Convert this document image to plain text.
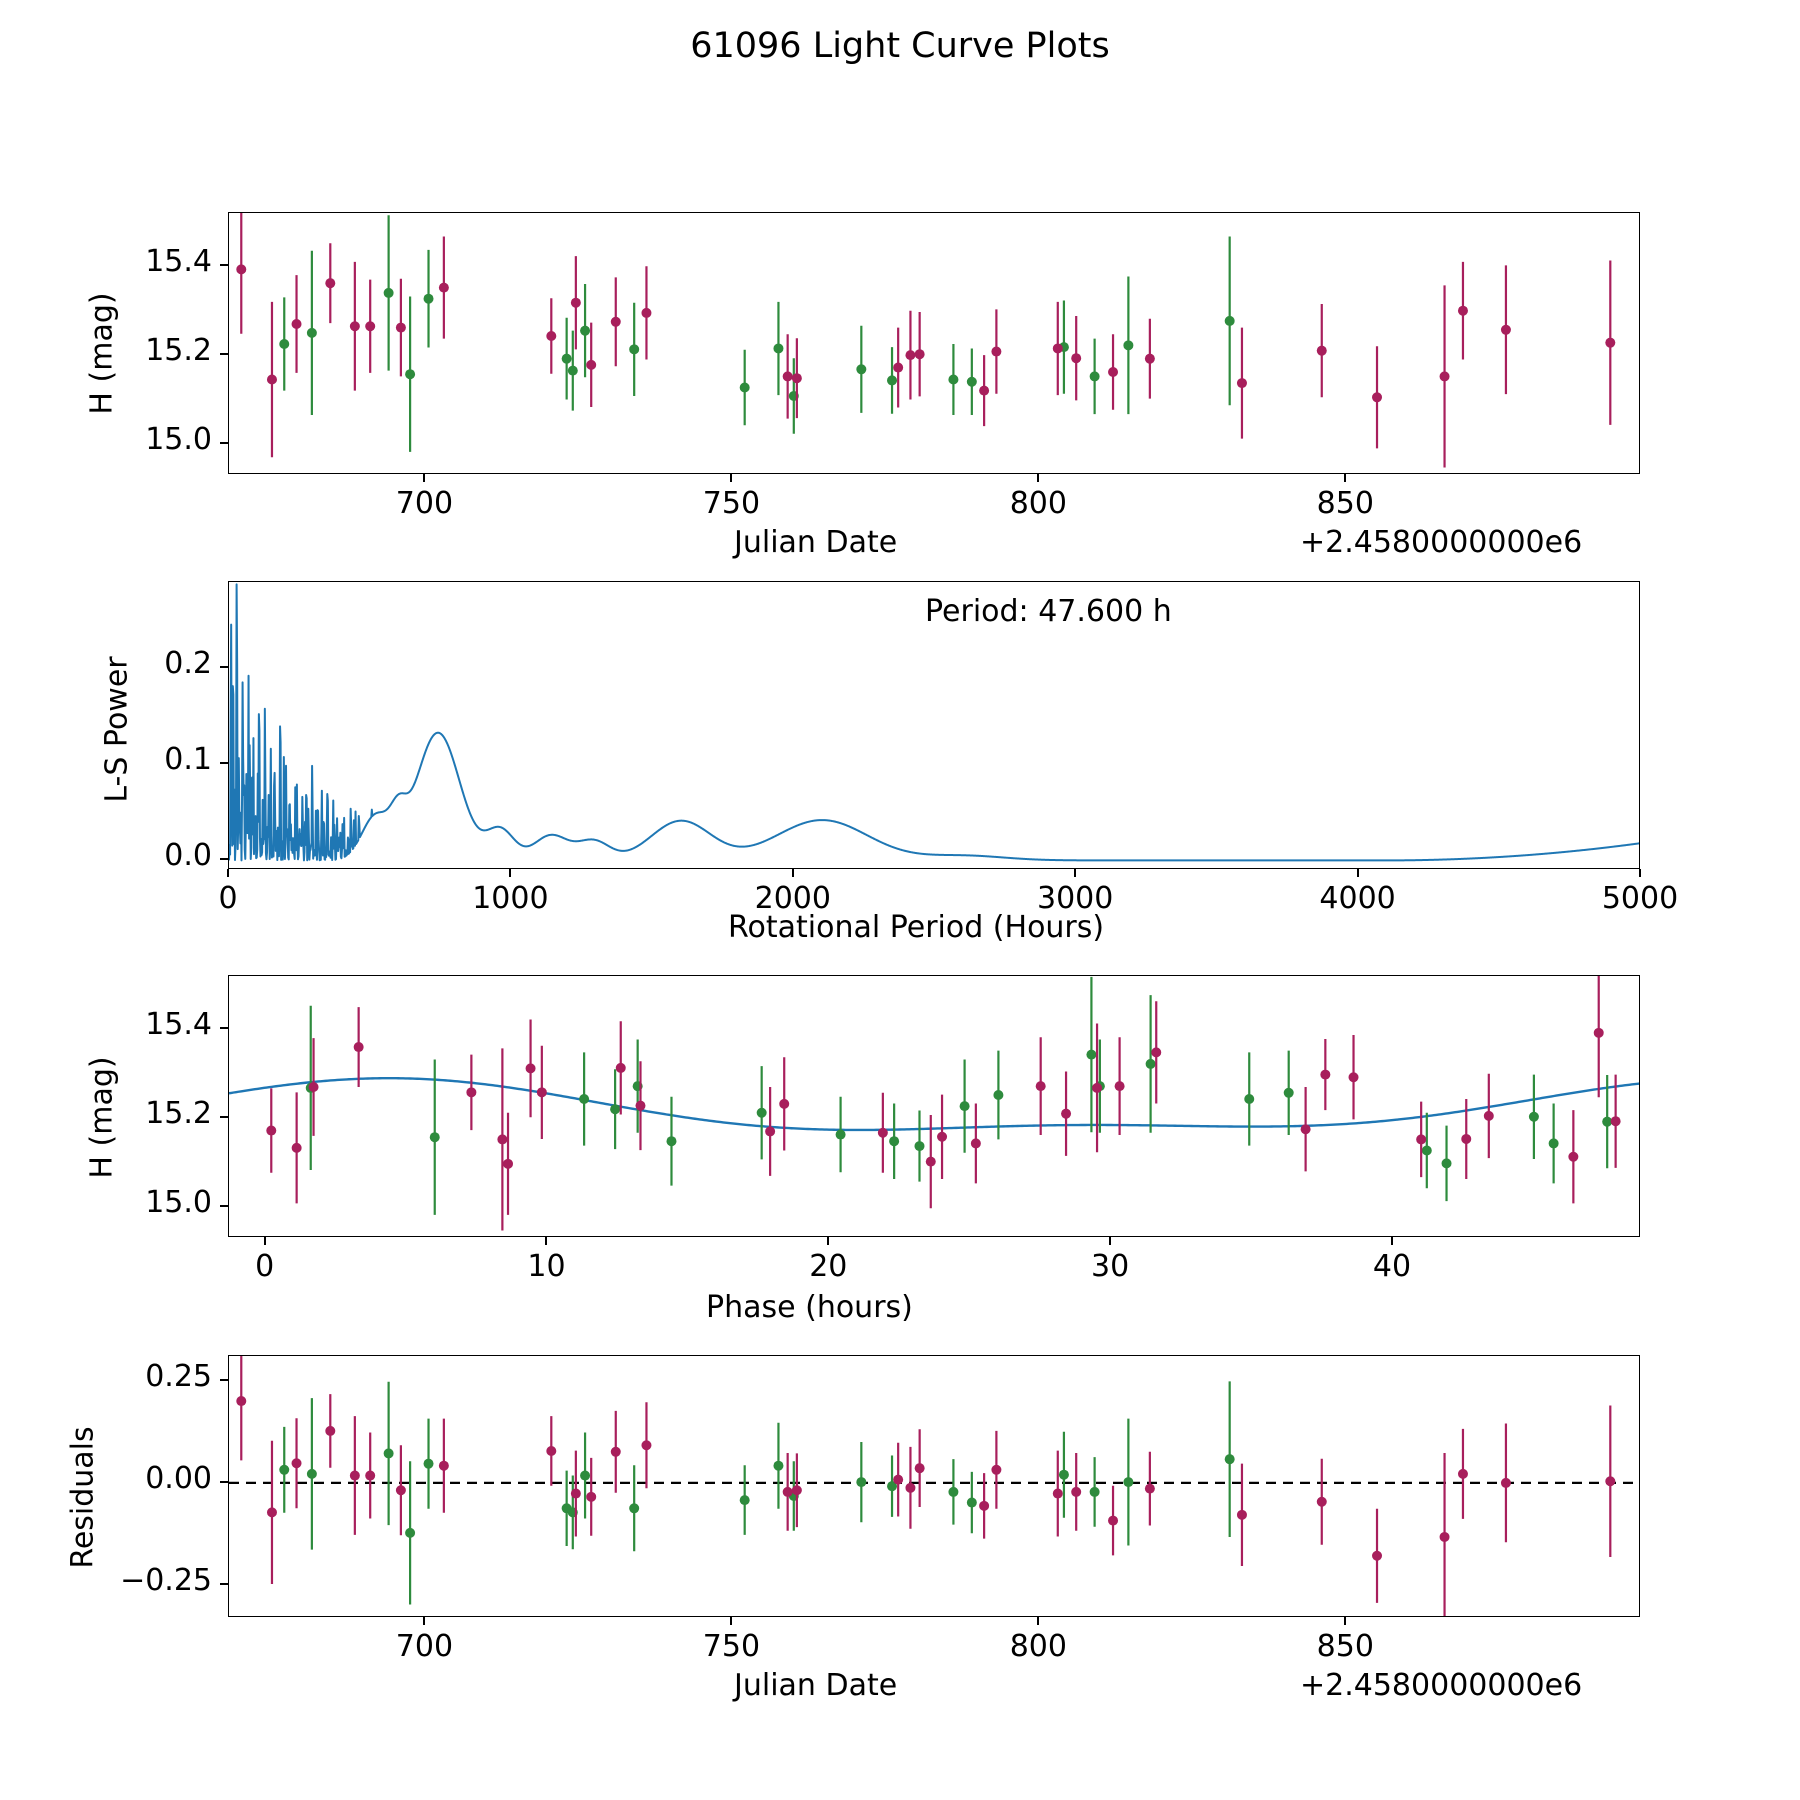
61096 Light Curve Plots
H (mag)
Julian Date	+2.4580000000e6
L-S Power
Rotational Period (Hours)
Period: 47.600 h
H (mag)
Phase (hours)
Residuals
Julian Date	+2.4580000000e6
700	750	800	850
15.0
15.2
15.4
0	1000	2000	3000	4000	5000
0.0
0.1
0.2
0	10	20	30	40
15.0
15.2
15.4
700	750	800	850
−0.25
0.00
0.25
